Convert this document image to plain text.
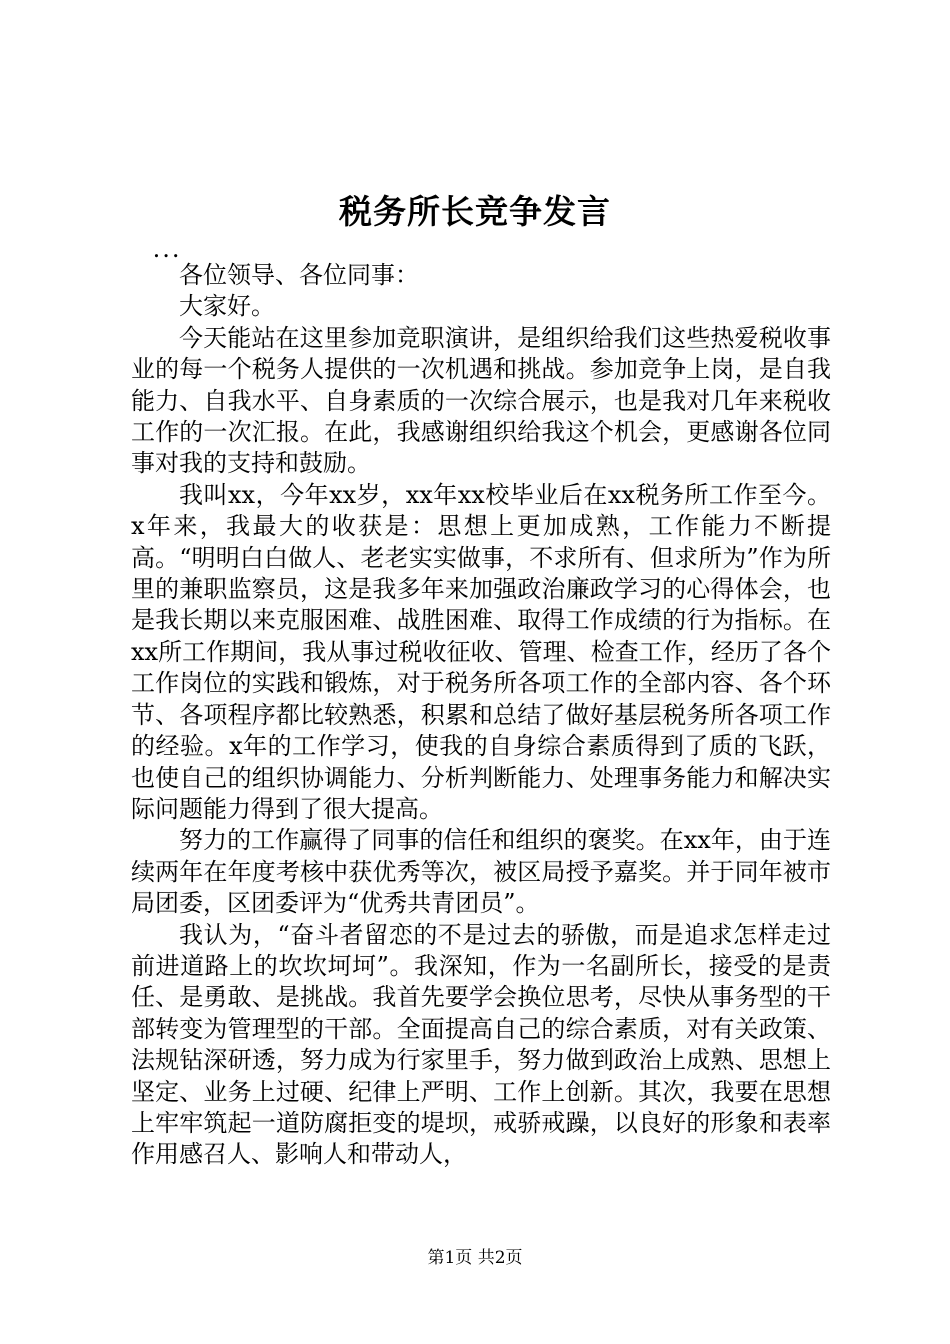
税务所长竞争发言

...

各位领导、各位同事：

大家好。

今天能站在这里参加竞职演讲，是组织给我们这些热爱税收事业的每一个税务人提供的一次机遇和挑战。参加竞争上岗，是自我能力、自我水平、自身素质的一次综合展示，也是我对几年来税收工作的一次汇报。在此，我感谢组织给我这个机会，更感谢各位同事对我的支持和鼓励。

我叫xx，今年xx岁，xx年xx校毕业后在xx税务所工作至今。x年来，我最大的收获是：思想上更加成熟，工作能力不断提高。“明明白白做人、老老实实做事，不求所有、但求所为”作为所里的兼职监察员，这是我多年来加强政治廉政学习的心得体会，也是我长期以来克服困难、战胜困难、取得工作成绩的行为指标。在xx所工作期间，我从事过税收征收、管理、检查工作，经历了各个工作岗位的实践和锻炼，对于税务所各项工作的全部内容、各个环节、各项程序都比较熟悉，积累和总结了做好基层税务所各项工作的经验。x年的工作学习，使我的自身综合素质得到了质的飞跃，也使自己的组织协调能力、分析判断能力、处理事务能力和解决实际问题能力得到了很大提高。

努力的工作赢得了同事的信任和组织的褒奖。在xx年，由于连续两年在年度考核中获优秀等次，被区局授予嘉奖。并于同年被市局团委，区团委评为“优秀共青团员”。

我认为，“奋斗者留恋的不是过去的骄傲，而是追求怎样走过前进道路上的坎坎坷坷”。我深知，作为一名副所长，接受的是责任、是勇敢、是挑战。我首先要学会换位思考，尽快从事务型的干部转变为管理型的干部。全面提高自己的综合素质，对有关政策、法规钻深研透，努力成为行家里手，努力做到政治上成熟、思想上坚定、业务上过硬、纪律上严明、工作上创新。其次，我要在思想上牢牢筑起一道防腐拒变的堤坝，戒骄戒躁，以良好的形象和表率作用感召人、影响人和带动人，

第1页 共2页
